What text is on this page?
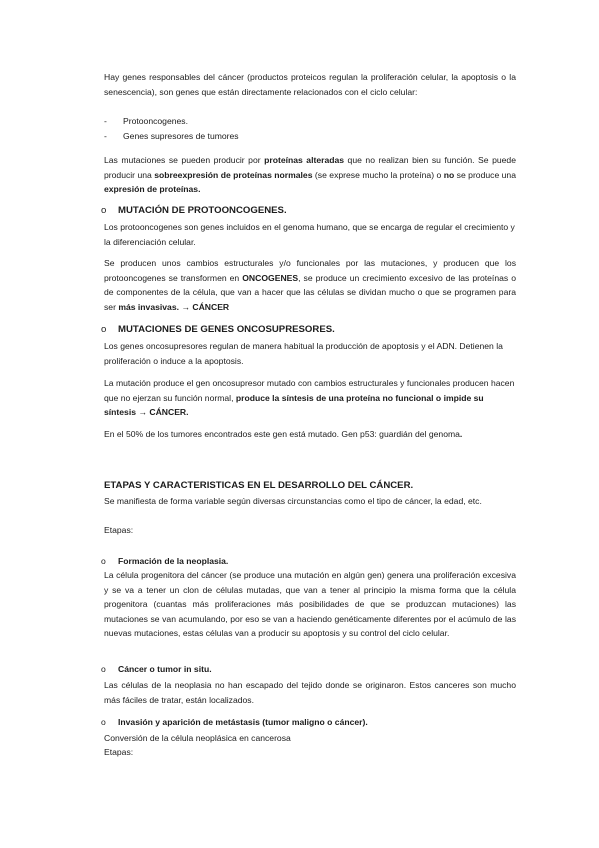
Hay genes responsables del cáncer (productos proteicos regulan la proliferación celular, la apoptosis o la senescencia), son genes que están directamente relacionados con el ciclo celular:

- Protooncogenes.
- Genes supresores de tumores

Las mutaciones se pueden producir por proteínas alteradas que no realizan bien su función. Se puede producir una sobreexpresión de proteínas normales (se exprese mucho la proteína) o no se produce una expresión de proteínas.

o MUTACIÓN DE PROTOONCOGENES.

Los protooncogenes son genes incluidos en el genoma humano, que se encarga de regular el crecimiento y la diferenciación celular.

Se producen unos cambios estructurales y/o funcionales por las mutaciones, y producen que los protooncogenes se transformen en ONCOGENES, se produce un crecimiento excesivo de las proteínas o de componentes de la célula, que van a hacer que las células se dividan mucho o que se programen para ser más invasivas. → CÁNCER

o MUTACIONES DE GENES ONCOSUPRESORES.

Los genes oncosupresores regulan de manera habitual la producción de apoptosis y el ADN. Detienen la proliferación o induce a la apoptosis.

La mutación produce el gen oncosupresor mutado con cambios estructurales y funcionales producen hacen que no ejerzan su función normal, produce la síntesis de una proteína no funcional o impide su síntesis → CÁNCER.

En el 50% de los tumores encontrados este gen está mutado. Gen p53: guardián del genoma.

ETAPAS Y CARACTERISTICAS EN EL DESARROLLO DEL CÁNCER.

Se manifiesta de forma variable según diversas circunstancias como el tipo de cáncer, la edad, etc.

Etapas:

o Formación de la neoplasia.

La célula progenitora del cáncer (se produce una mutación en algún gen) genera una proliferación excesiva y se va a tener un clon de células mutadas, que van a tener al principio la misma forma que la célula progenitora (cuantas más proliferaciones más posibilidades de que se produzcan mutaciones) las mutaciones se van acumulando, por eso se van a haciendo genéticamente diferentes por el acúmulo de las nuevas mutaciones, estas células van a producir su apoptosis y su control del ciclo celular.

o Cáncer o tumor in situ.

Las células de la neoplasia no han escapado del tejido donde se originaron. Estos canceres son mucho más fáciles de tratar, están localizados.

o Invasión y aparición de metástasis (tumor maligno o cáncer).
Conversión de la célula neoplásica en cancerosa
Etapas:
